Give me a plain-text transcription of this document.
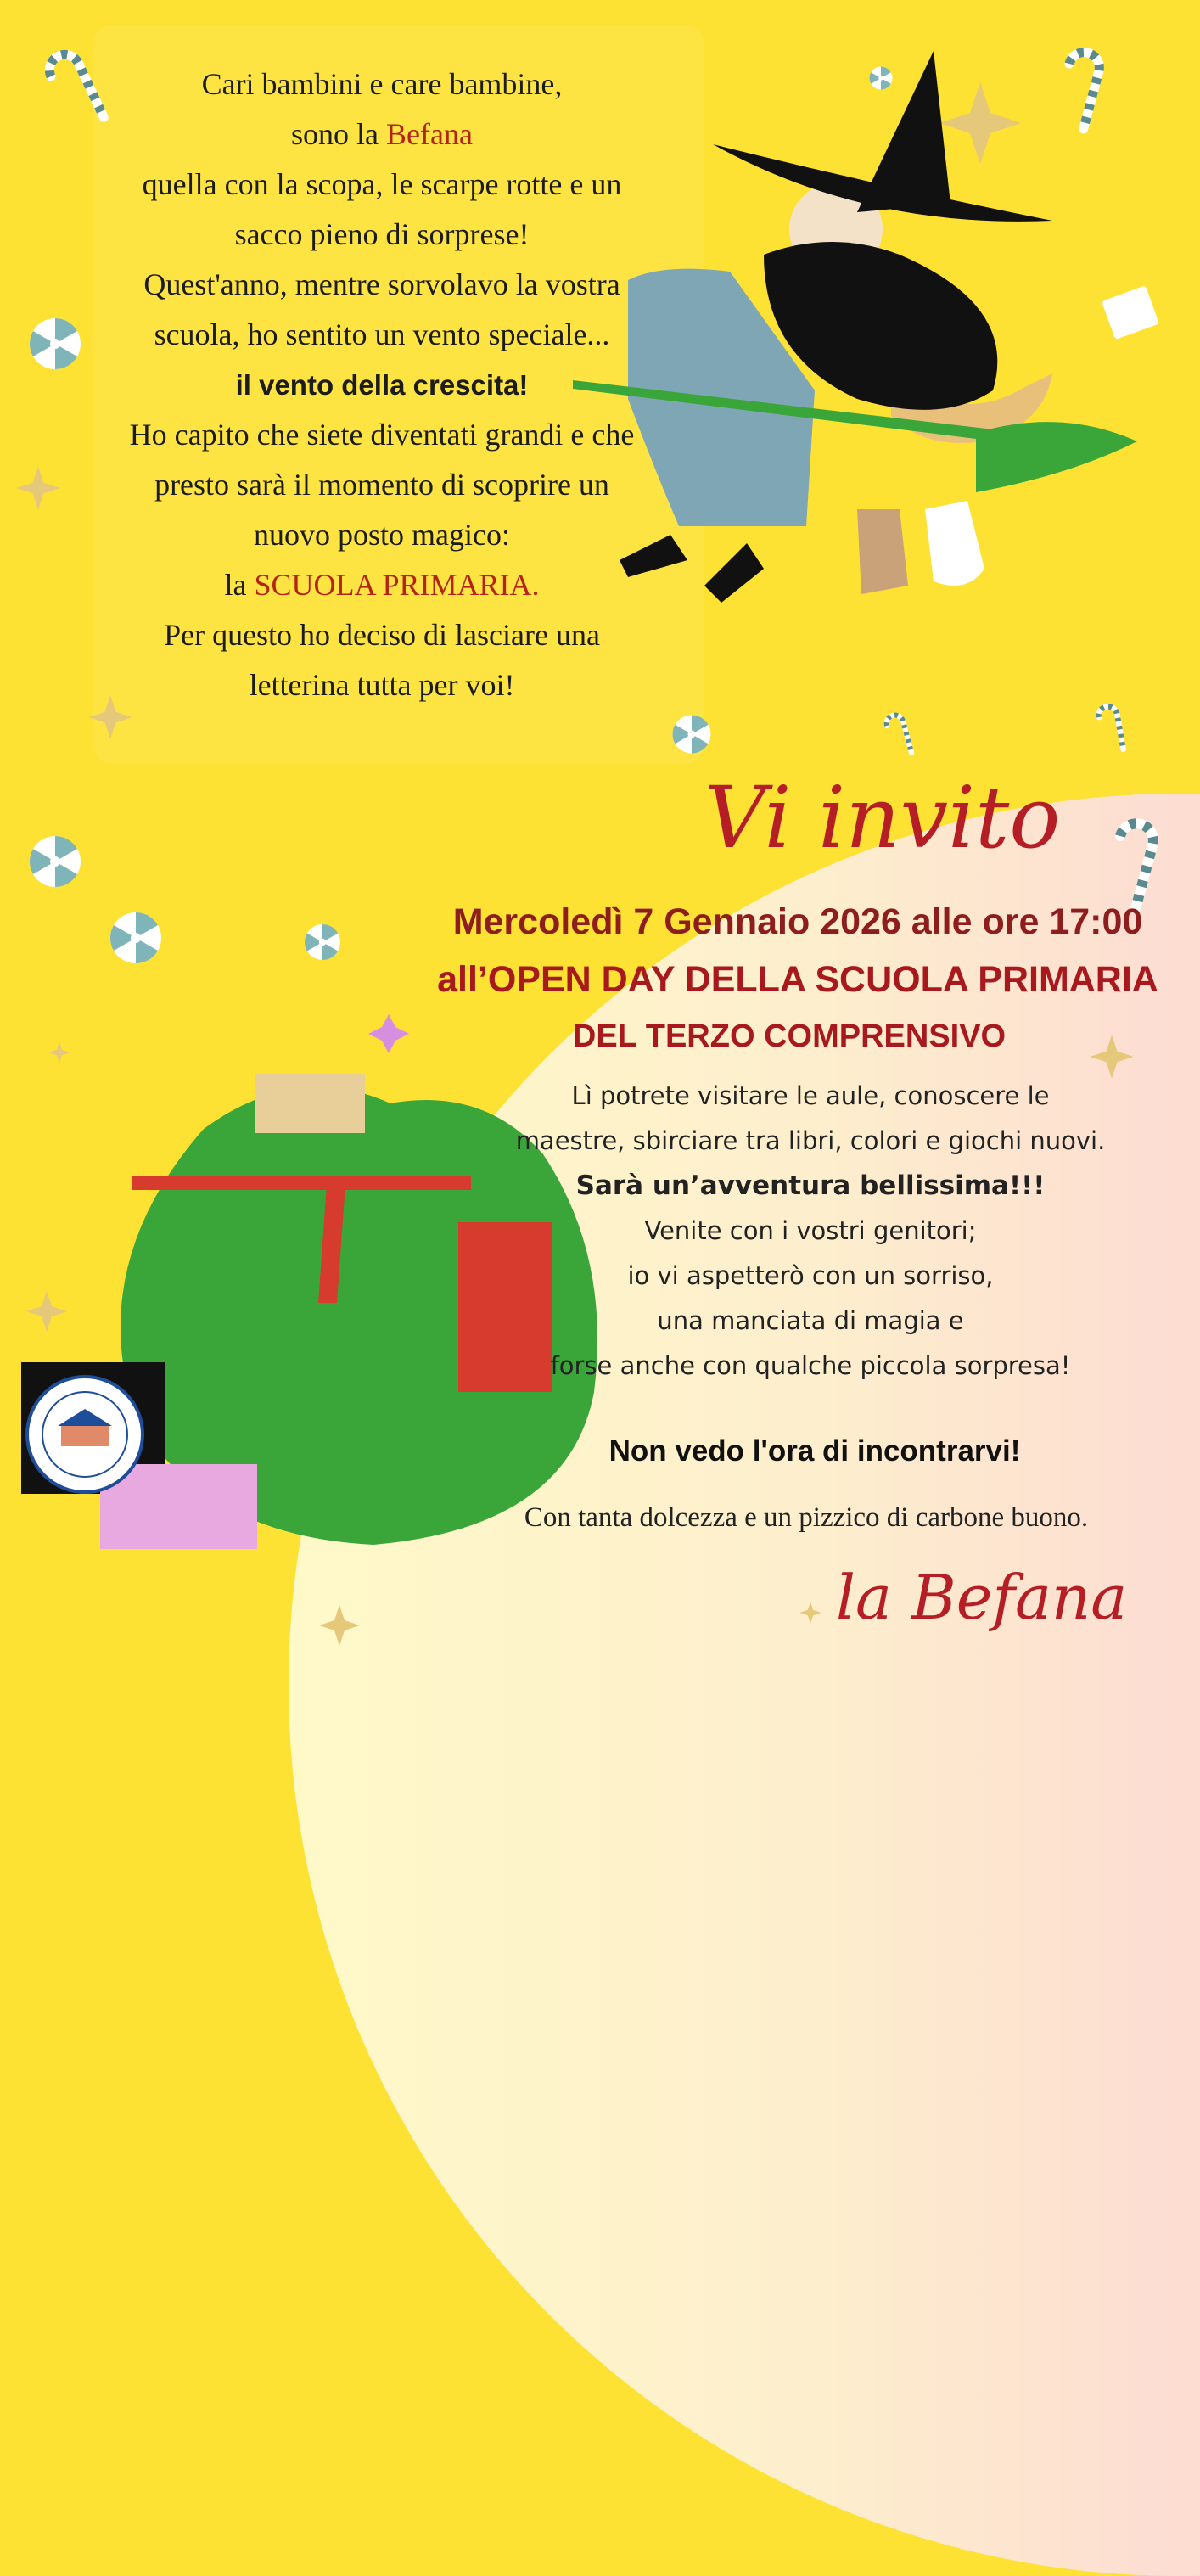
Cari bambini e care bambine,
sono la Befana
quella con la scopa, le scarpe rotte e un
sacco pieno di sorprese!
Quest'anno, mentre sorvolavo la vostra
scuola, ho sentito un vento speciale...
il vento della crescita!
Ho capito che siete diventati grandi e che
presto sarà il momento di scoprire un
nuovo posto magico:
la SCUOLA PRIMARIA.
Per questo ho deciso di lasciare una
letterina tutta per voi!
Vi invito
Mercoledì 7 Gennaio 2026 alle ore 17:00
all’OPEN DAY DELLA SCUOLA PRIMARIA
DEL TERZO COMPRENSIVO
Lì potrete visitare le aule, conoscere le
maestre, sbirciare tra libri, colori e giochi nuovi.
Sarà un’avventura bellissima!!!
Venite con i vostri genitori;
io vi aspetterò con un sorriso,
una manciata di magia e
forse anche con qualche piccola sorpresa!
Non vedo l'ora di incontrarvi!
Con tanta dolcezza e un pizzico di carbone buono.
la Befana
